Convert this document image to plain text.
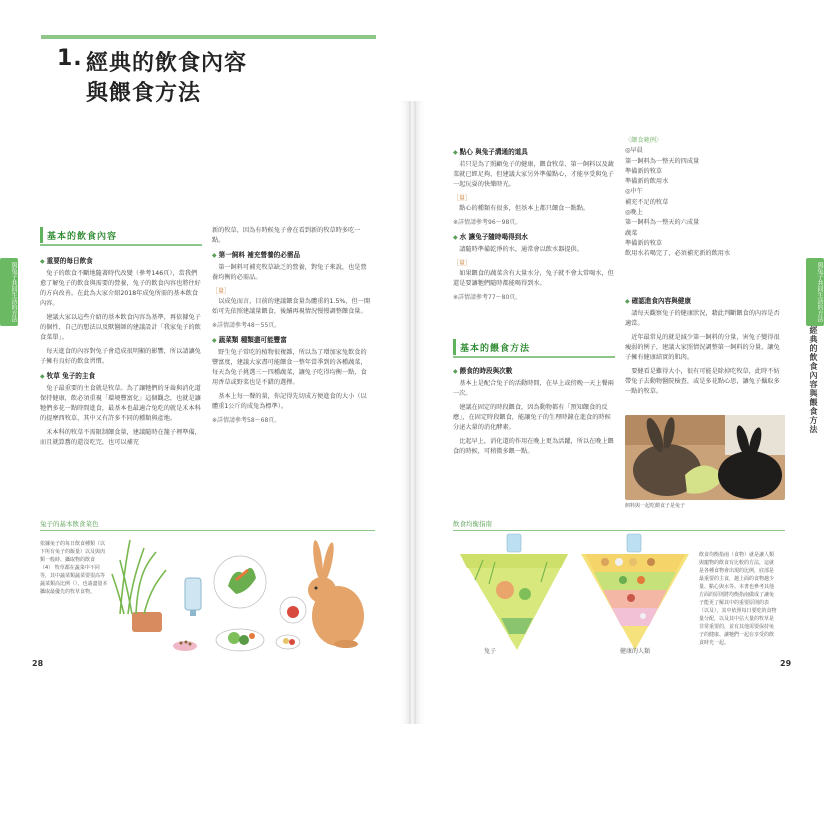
1. 經典的飲食內容
與餵食方法
與兔子共同生活的方法
基本的飲食內容

◆ 重要的每日飲食

兔子的飲食不斷地隨著時代改變（參考146頁），當我們愈了解兔子的飲食與需要的營養，兔子的飲食內容也將往好的方向改善。在此為大家介紹2018年成兔所需的基本飲食內容。

建議大家以這些介紹的基本飲食內容為基準，再依據兔子的個性、自己的想法以及獸醫師的建議設計「我家兔子的飲食菜單」。

每天進食的內容對兔子會造成很明顯的影響，所以請讓兔子擁有良好的飲食習慣。

◆ 牧草 兔子的主食

兔子最重要的主食就是牧草。為了讓牠們的牙齒與消化道保持健康，飲必須重視「環境豐富化」這個觀念，也就是讓牠們多花一點時間進食，最基本也最適合兔吃的就是禾本科的提摩西牧草，其中又有許多不同的種類與產地。

禾本科的牧草不需限制餵食量，建議隨時在籠子裡準備，而且就算舊的還沒吃完，也可以補充

新的牧草，因為有時候兔子會在看到新的牧草時多吃一點。

◆ 第一飼料 補充營養的必需品

第一飼料可補充牧草缺乏的營養，對兔子來說，也是營養均衡的必需品。

［量］

以成兔而言，目前的建議餵食量為體重的1.5%，但一開始可先依照建議量餵食，後續再視情況慢慢調整餵食量。

※詳情請參考48〜55頁。

◆ 蔬菜類 種類盡可能豐富

野生兔子常吃的植物很複雜，所以為了增加家兔飲食的豐富度，建議大家盡可能餵食一整年當季到的各種蔬菜，每天為兔子挑選三〜四種蔬菜，讓兔子吃得均衡一點，食用香草或野菜也是不錯的選擇。

基本上每一餐的量，你記得先切成方便進食的大小（以體重1公斤的成兔為標準）。

※詳情請參考58〜68頁。

兔子的基本飲食菜色
依據兔子的每日飲食種類（以下所有兔子的飯量）以及與肉類一般時、攝取物的飲食（4） 牧草都在蔬菜中不同等，其中蔬菜類蔬菜要很高等蔬菜類高比例（），也請盡量本攝取最優先的牧草食物。
28

◆ 點心 與兔子溝通的道具

若只是為了照顧兔子的健康，餵食牧草、第一飼料以及蔬菜就已經足夠，但建議大家另外準備點心，才能享受與兔子一起玩耍的快樂時光。

［量］

點心的種類有很多，但基本上都只餵食一點點。

※詳情請參考96〜98頁。

◆ 水 讓兔子隨時喝得到水

請隨時準備乾淨的水，通常會以飲水器提供。

［量］

如果餵食的蔬菜含有大量水分，兔子就不會太常喝水，但還是要讓牠們隨時都能喝得到水。

※詳情請參考77〜80頁。

基本的餵食方法

◆ 餵食的時段與次數

基本上是配合兔子的活動時間，在早上或傍晚一天上餐兩一次。

建議在固定的時段餵食，因為動物都有「預知餵食的反應」，在固定時段餵食，能讓兔子的生理時鐘在進食的時候分泌大量的消化酵素。

比起早上，消化道的作用在晚上更為活躍，所以在晚上餵食的時候，可稍微多餵一點。

〈餵食範例〉
◎早晨
第一飼料為一整天的四成量
準備新的牧草
準備新的飲用水
◎中午
補充不足的牧草
◎晚上
第一飼料為一整天的六成量
蔬菜
準備新的牧草
飲用水若喝完了，必須補充新的飲用水

◆ 確認進食內容與健康

請每天觀察兔子的健康狀況，藉此判斷餵食的內容是否適當。

近年最常見的就是減少第一飼料的分量，害兔子變得很瘦弱的例子，建議大家照情況調整第一飼料的分量，讓兔子擁有健康結實的肌肉。

要健看是難得大小，很有可能是除掉吃牧草，此時不妨帶兔子去動物醫院檢查，或是多花點心思，讓兔子攝取多一點的牧草。

飼料與一起吃餵食子是兔子
與兔子共同生活的方法
經典的飲食內容與餵食方法
飲食均衡指南
兔子	健康的人類
飲食均衡指南（食物）就是讓人類與寵物的飲食有比較的方法，這就是各種食物會出現的比例，底部是最重要的主食，越上面的食物越少量、點心與水等。本書也參考其他方面的原則將均衡指南做成了讓兔子能更了解其中的重要原則的表（以及），其中依照每日要吃的食物量分配，以及其中佔大量的牧草是非常重要的，並有其他需要保持兔子的健康、讓牠們一起在享受的飲食時光一起。
29
